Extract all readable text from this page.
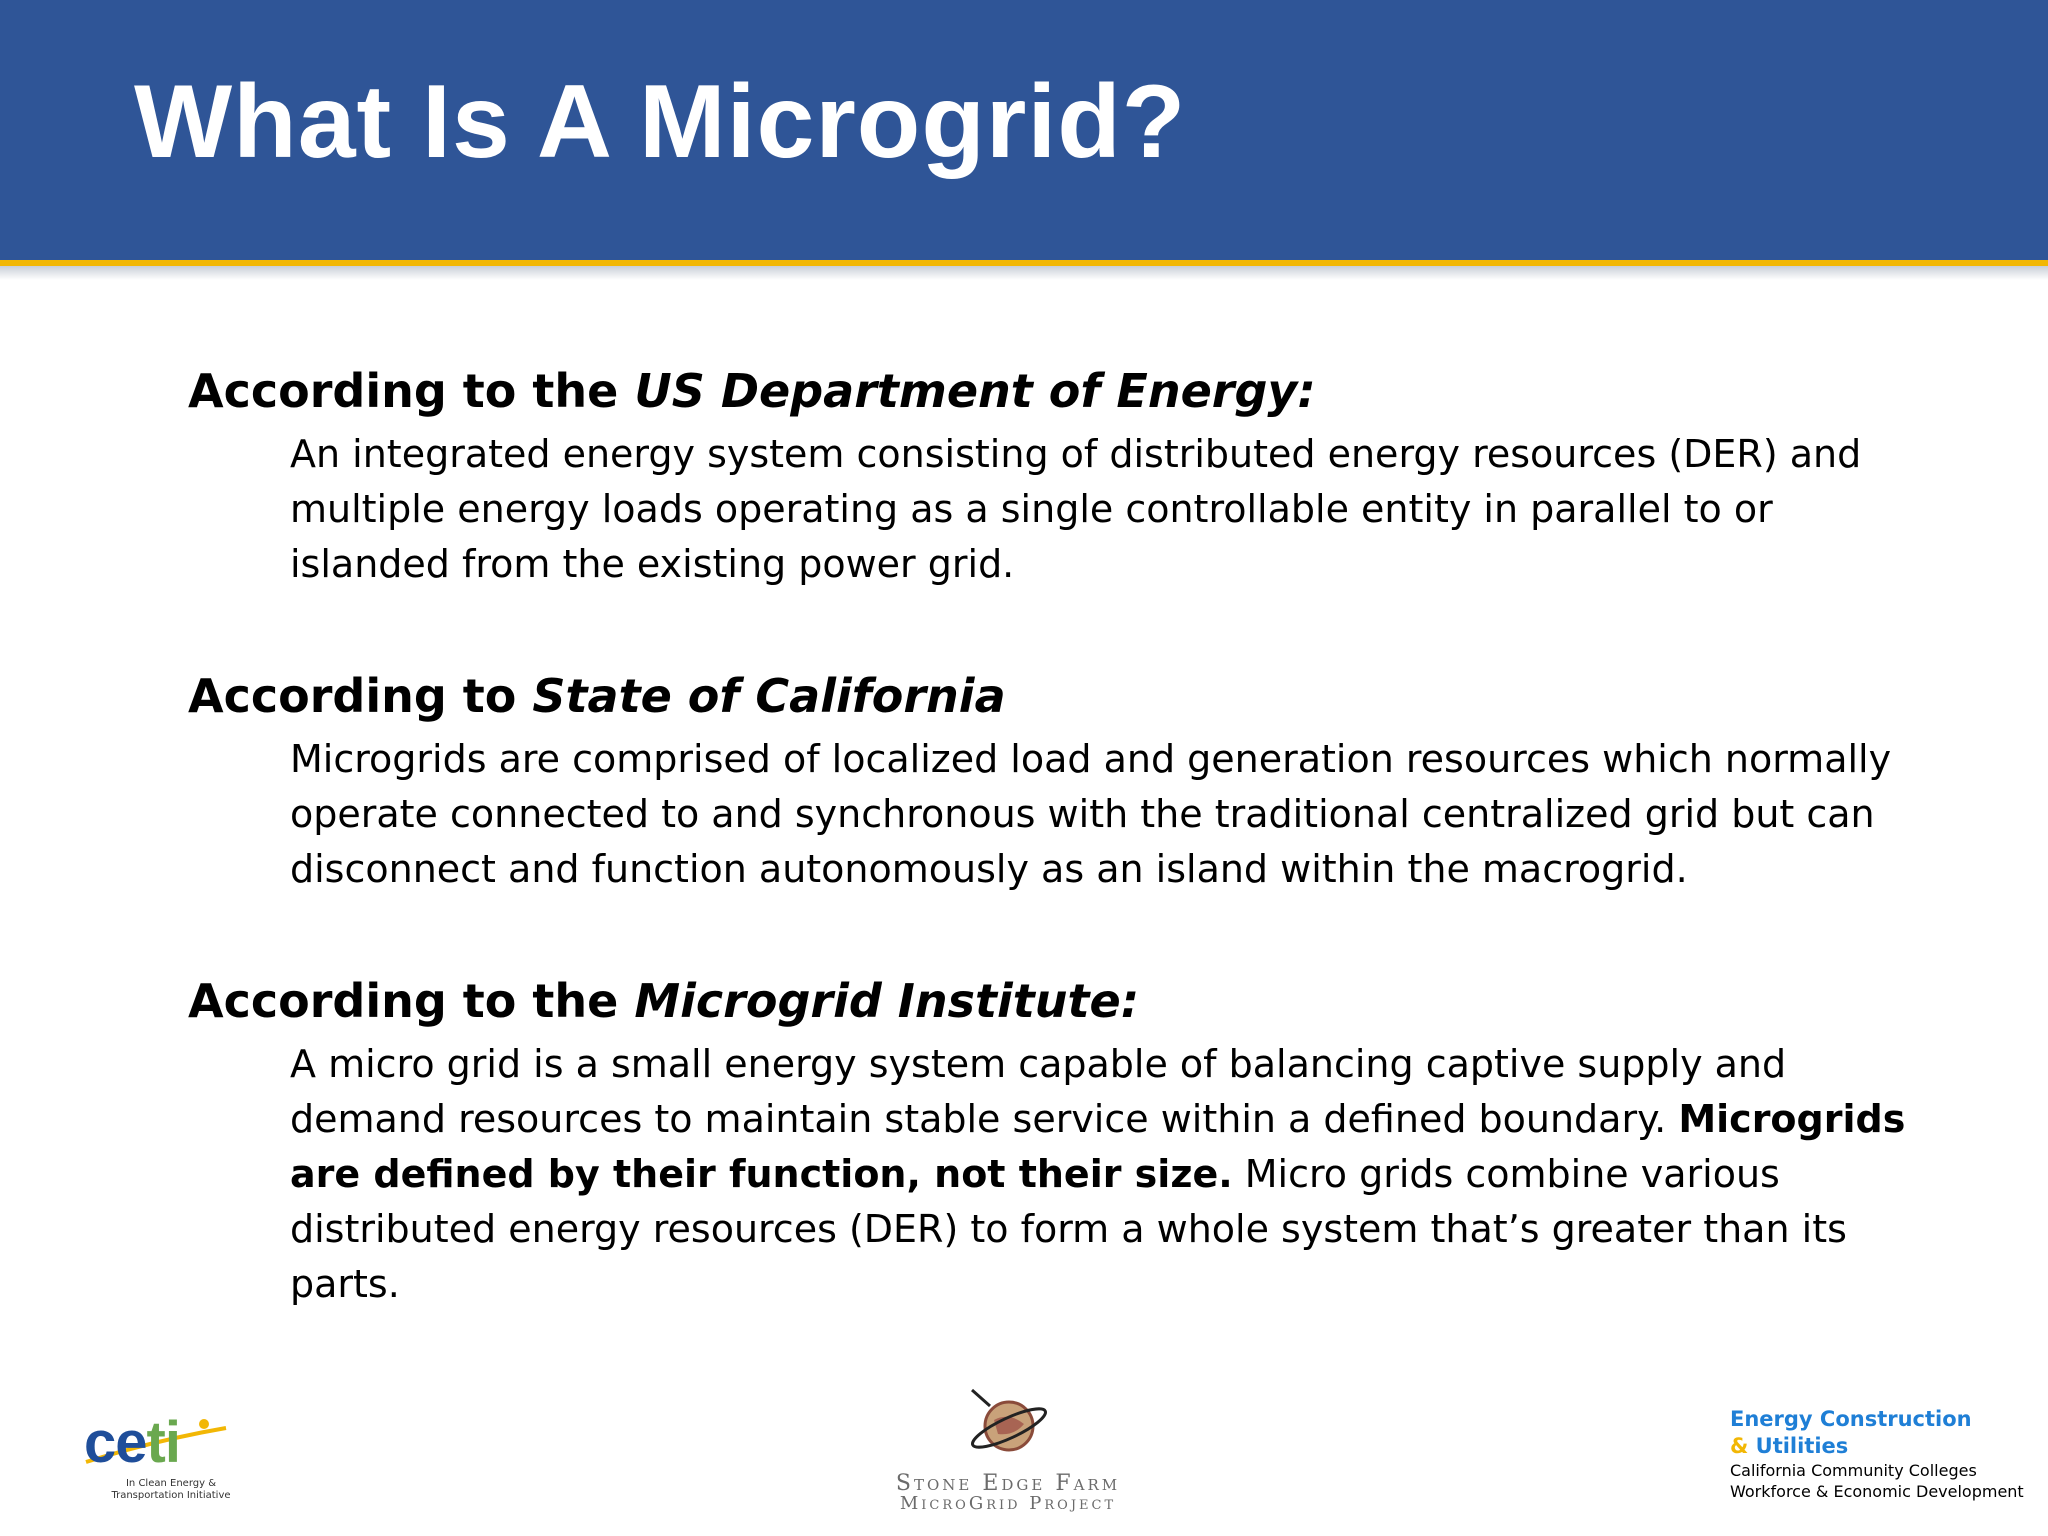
What Is A Microgrid?

According to the US Department of Energy:

An integrated energy system consisting of distributed energy resources (DER) and multiple energy loads operating as a single controllable entity in parallel to or islanded from the existing power grid.

According to State of California

Microgrids are comprised of localized load and generation resources which normally operate connected to and synchronous with the traditional centralized grid but can disconnect and function autonomously as an island within the macrogrid.

According to the Microgrid Institute:

A micro grid is a small energy system capable of balancing captive supply and demand resources to maintain stable service within a defined boundary. Microgrids are defined by their function, not their size. Micro grids combine various distributed energy resources (DER) to form a whole system that’s greater than its parts.

ceti
In Clean Energy & Transportation Initiative	Stone Edge Farm
MicroGrid Project
Energy Construction
& Utilities
California Community Colleges
Workforce & Economic Development
